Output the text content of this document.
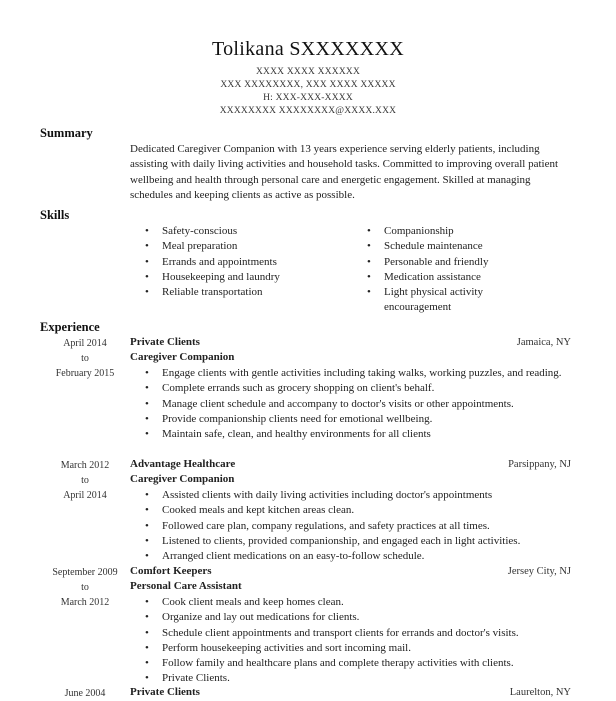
Tolikana SXXXXXXX
XXXX XXXX XXXXXX
XXX XXXXXXXX, XXX XXXX XXXXX
H: XXX-XXX-XXXX
XXXXXXXX XXXXXXXX@XXXX.XXX
Summary
Dedicated Caregiver Companion with 13 years experience serving elderly patients, including assisting with daily living activities and household tasks. Committed to improving overall patient wellbeing and health through personal care and energetic engagement. Skilled at managing schedules and keeping clients as active as possible.
Skills
• Safety-conscious
• Meal preparation
• Errands and appointments
• Housekeeping and laundry
• Reliable transportation
• Companionship
• Schedule maintenance
• Personable and friendly
• Medication assistance
• Light physical activity encouragement
Experience
April 2014
to
February 2015
Private Clients	Jamaica, NY
Caregiver Companion
• Engage clients with gentle activities including taking walks, working puzzles, and reading.
• Complete errands such as grocery shopping on client's behalf.
• Manage client schedule and accompany to doctor's visits or other appointments.
• Provide companionship clients need for emotional wellbeing.
• Maintain safe, clean, and healthy environments for all clients
March 2012
to
April 2014
Advantage Healthcare	Parsippany, NJ
Caregiver Companion
• Assisted clients with daily living activities including doctor's appointments
• Cooked meals and kept kitchen areas clean.
• Followed care plan, company regulations, and safety practices at all times.
• Listened to clients, provided companionship, and engaged each in light activities.
• Arranged client medications on an easy-to-follow schedule.
September 2009
to
March 2012
Comfort Keepers	Jersey City, NJ
Personal Care Assistant
• Cook client meals and keep homes clean.
• Organize and lay out medications for clients.
• Schedule client appointments and transport clients for errands and doctor's visits.
• Perform housekeeping activities and sort incoming mail.
• Follow family and healthcare plans and complete therapy activities with clients.
• Private Clients.
June 2004	Private Clients	Laurelton, NY
